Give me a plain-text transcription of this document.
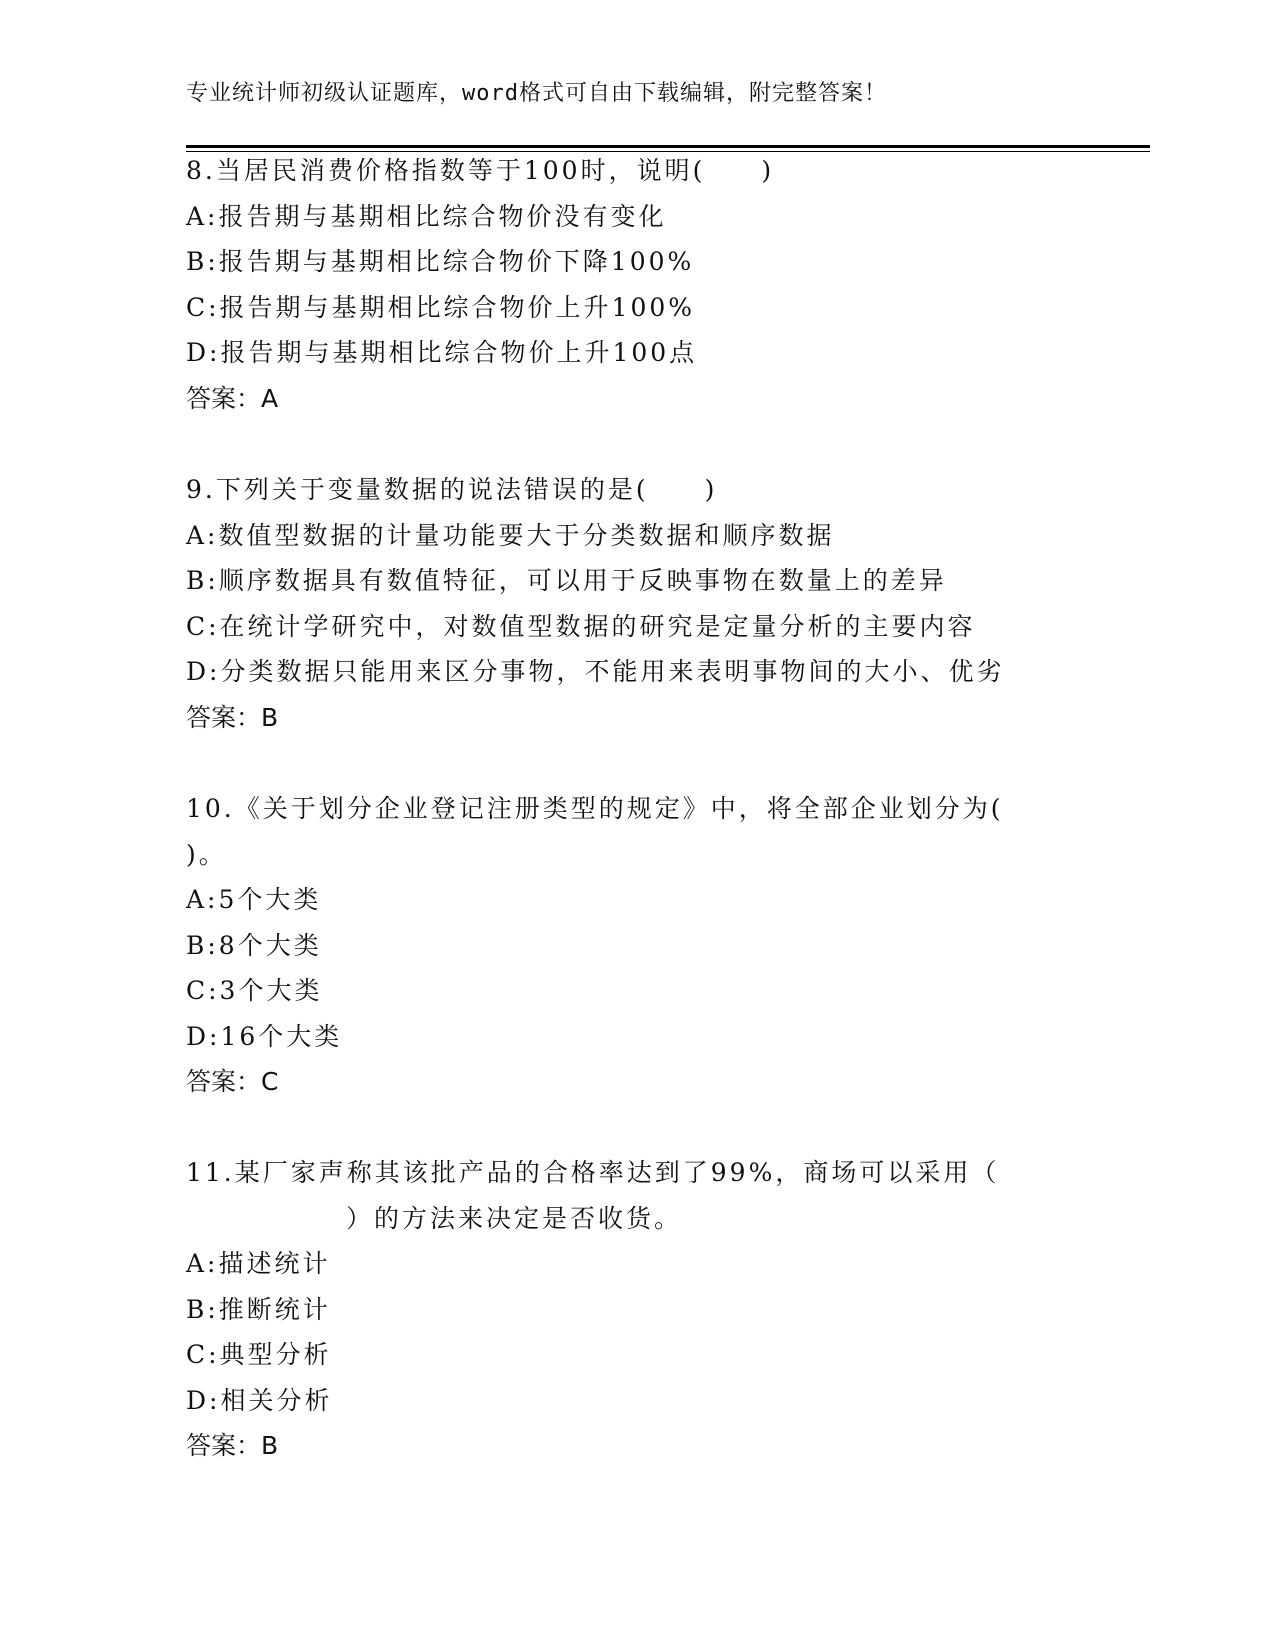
专业统计师初级认证题库，word格式可自由下载编辑，附完整答案！
8.当居民消费价格指数等于100时，说明(　　)
A:报告期与基期相比综合物价没有变化
B:报告期与基期相比综合物价下降100%
C:报告期与基期相比综合物价上升100%
D:报告期与基期相比综合物价上升100点
答案：A
9.下列关于变量数据的说法错误的是(　　)
A:数值型数据的计量功能要大于分类数据和顺序数据
B:顺序数据具有数值特征，可以用于反映事物在数量上的差异
C:在统计学研究中，对数值型数据的研究是定量分析的主要内容
D:分类数据只能用来区分事物，不能用来表明事物间的大小、优劣
答案：B
10.《关于划分企业登记注册类型的规定》中，将全部企业划分为(
)。
A:5个大类
B:8个大类
C:3个大类
D:16个大类
答案：C
11.某厂家声称其该批产品的合格率达到了99%，商场可以采用（
）的方法来决定是否收货。
A:描述统计
B:推断统计
C:典型分析
D:相关分析
答案：B
